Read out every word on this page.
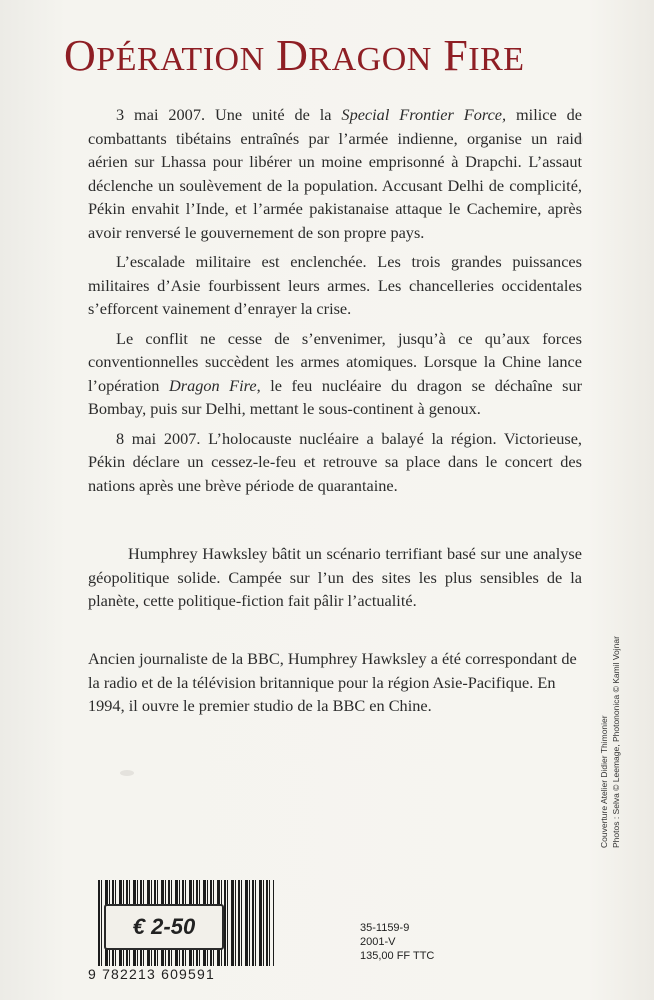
OPÉRATION DRAGON FIRE

3 mai 2007. Une unité de la Special Frontier Force, milice de combattants tibétains entraînés par l’armée indienne, organise un raid aérien sur Lhassa pour libérer un moine emprisonné à Drapchi. L’assaut déclenche un soulèvement de la population. Accusant Delhi de complicité, Pékin envahit l’Inde, et l’armée pakistanaise attaque le Cachemire, après avoir renversé le gouvernement de son propre pays.

L’escalade militaire est enclenchée. Les trois grandes puissances militaires d’Asie fourbissent leurs armes. Les chancelleries occidentales s’efforcent vainement d’enrayer la crise.

Le conflit ne cesse de s’envenimer, jusqu’à ce qu’aux forces conventionnelles succèdent les armes atomiques. Lorsque la Chine lance l’opération Dragon Fire, le feu nucléaire du dragon se déchaîne sur Bombay, puis sur Delhi, mettant le sous-continent à genoux.

8 mai 2007. L’holocauste nucléaire a balayé la région. Victorieuse, Pékin déclare un cessez-le-feu et retrouve sa place dans le concert des nations après une brève période de quarantaine.

Humphrey Hawksley bâtit un scénario terrifiant basé sur une analyse géopolitique solide. Campée sur l’un des sites les plus sensibles de la planète, cette politique-fiction fait pâlir l’actualité.

Ancien journaliste de la BBC, Humphrey Hawksley a été correspondant de la radio et de la télévision britannique pour la région Asie-Pacifique. En 1994, il ouvre le premier studio de la BBC en Chine.

€ 2-50
9 782213 609591
35-1159-9
2001-V
135,00 FF TTC
Couverture Atelier Didier Thimonier Photos : Selva © Leemage, Photononica © Kamil Vojnar
